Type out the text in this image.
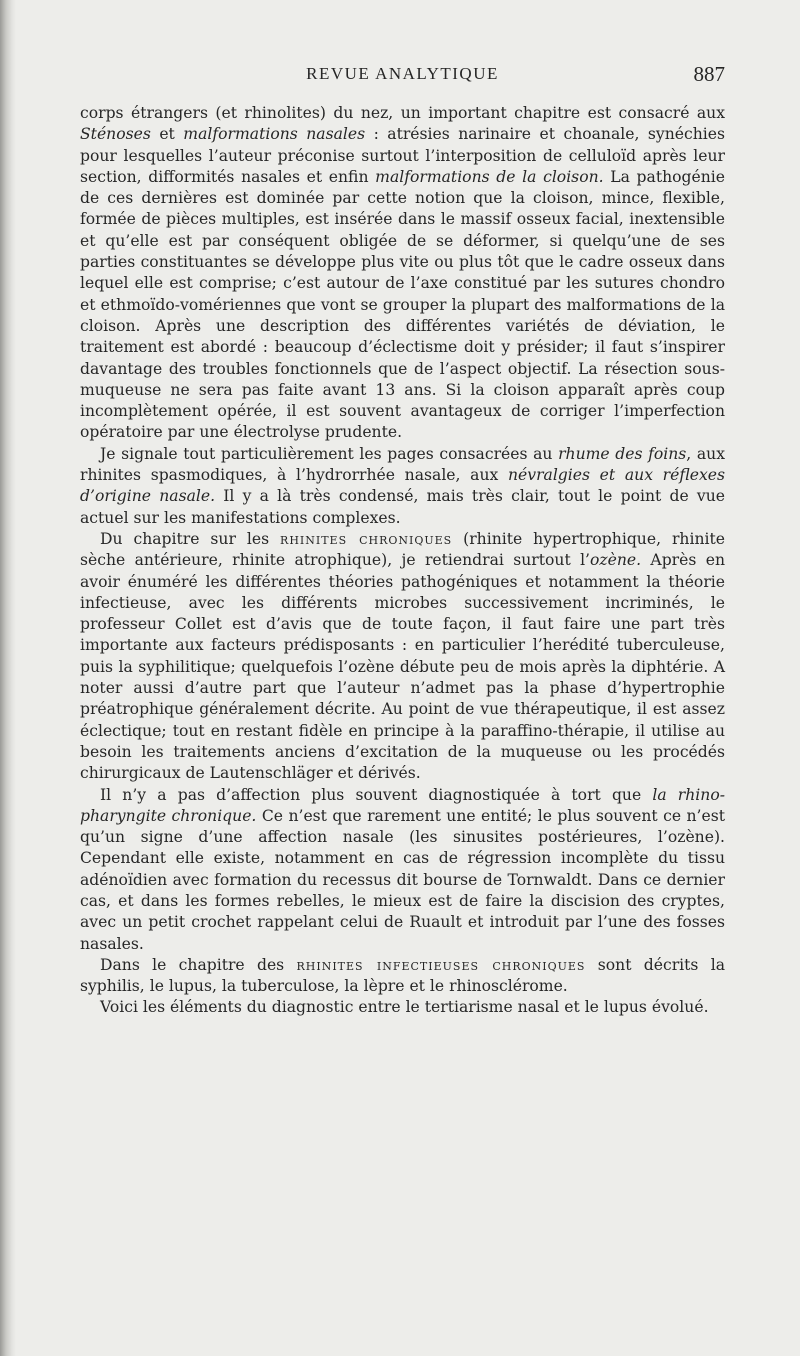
REVUE ANALYTIQUE	887

corps étrangers (et rhinolites) du nez, un important chapitre est consacré aux Sténoses et malformations nasales : atrésies narinaire et choanale, synéchies pour lesquelles l’auteur préconise surtout l’interposition de celluloïd après leur section, difformités nasales et enfin malformations de la cloison. La pathogénie de ces dernières est dominée par cette notion que la cloison, mince, flexible, formée de pièces multiples, est insérée dans le massif osseux facial, inextensible et qu’elle est par conséquent obligée de se déformer, si quelqu’une de ses parties constituantes se développe plus vite ou plus tôt que le cadre osseux dans lequel elle est comprise; c’est autour de l’axe constitué par les sutures chondro et ethmoïdo-vomériennes que vont se grouper la plupart des malformations de la cloison. Après une description des différentes variétés de déviation, le traitement est abordé : beaucoup d’éclectisme doit y présider; il faut s’inspirer davantage des troubles fonctionnels que de l’aspect objectif. La résection sous-muqueuse ne sera pas faite avant 13 ans. Si la cloison apparaît après coup incomplètement opérée, il est souvent avantageux de corriger l’imperfection opératoire par une électrolyse prudente.

Je signale tout particulièrement les pages consacrées au rhume des foins, aux rhinites spasmodiques, à l’hydrorrhée nasale, aux névralgies et aux réflexes d’origine nasale. Il y a là très condensé, mais très clair, tout le point de vue actuel sur les manifestations complexes.

Du chapitre sur les rhinites chroniques (rhinite hypertrophique, rhinite sèche antérieure, rhinite atrophique), je retiendrai surtout l’ozène. Après en avoir énuméré les différentes théories pathogéniques et notamment la théorie infectieuse, avec les différents microbes successivement incriminés, le professeur Collet est d’avis que de toute façon, il faut faire une part très importante aux facteurs prédisposants : en particulier l’herédité tuberculeuse, puis la syphilitique; quelquefois l’ozène débute peu de mois après la diphtérie. A noter aussi d’autre part que l’auteur n’admet pas la phase d’hypertrophie préatrophique généralement décrite. Au point de vue thérapeutique, il est assez éclectique; tout en restant fidèle en principe à la paraffino-thérapie, il utilise au besoin les traitements anciens d’excitation de la muqueuse ou les procédés chirurgicaux de Lautenschläger et dérivés.

Il n’y a pas d’affection plus souvent diagnostiquée à tort que la rhino-pharyngite chronique. Ce n’est que rarement une entité; le plus souvent ce n’est qu’un signe d’une affection nasale (les sinusites postérieures, l’ozène). Cependant elle existe, notamment en cas de régression incomplète du tissu adénoïdien avec formation du recessus dit bourse de Tornwaldt. Dans ce dernier cas, et dans les formes rebelles, le mieux est de faire la discision des cryptes, avec un petit crochet rappelant celui de Ruault et introduit par l’une des fosses nasales.

Dans le chapitre des rhinites infectieuses chroniques sont décrits la syphilis, le lupus, la tuberculose, la lèpre et le rhinosclérome.

Voici les éléments du diagnostic entre le tertiarisme nasal et le lupus évolué.
